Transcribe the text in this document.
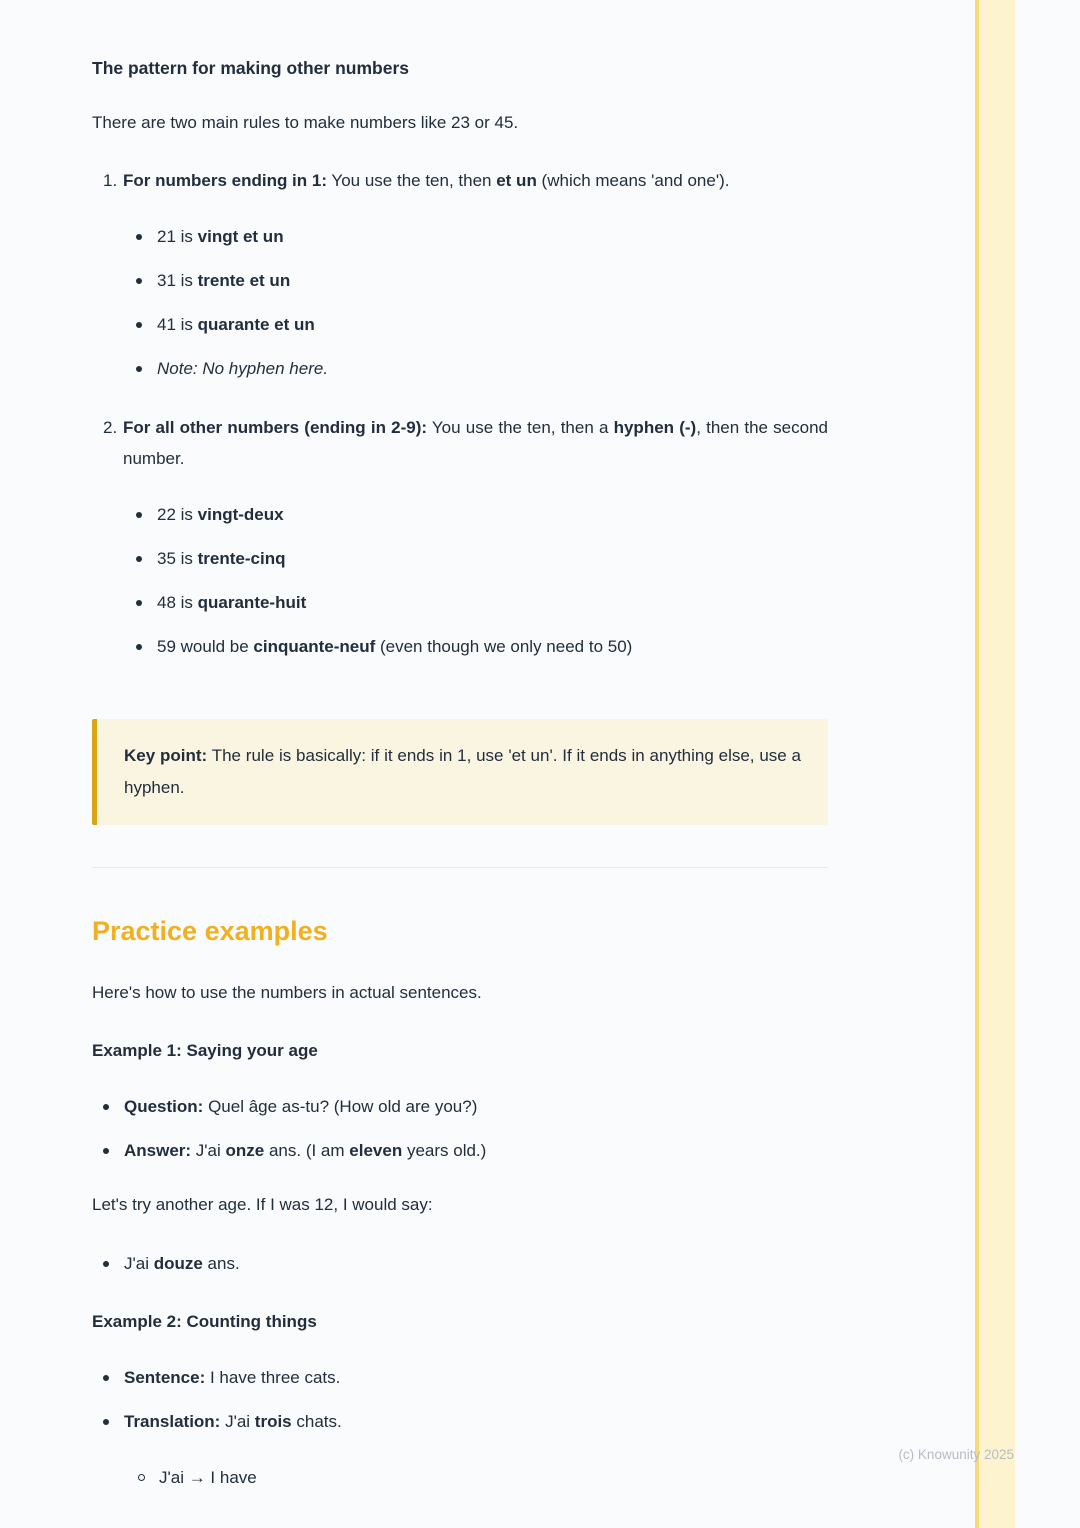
The pattern for making other numbers

There are two main rules to make numbers like 23 or 45.

1. For numbers ending in 1: You use the ten, then et un (which means 'and one').

21 is vingt et un

31 is trente et un

41 is quarante et un

Note: No hyphen here.

2. For all other numbers (ending in 2-9): You use the ten, then a hyphen (-), then the second number.

22 is vingt-deux

35 is trente-cinq

48 is quarante-huit

59 would be cinquante-neuf (even though we only need to 50)

Key point: The rule is basically: if it ends in 1, use 'et un'. If it ends in anything else, use a hyphen.

Practice examples

Here's how to use the numbers in actual sentences.

Example 1: Saying your age

Question: Quel âge as-tu? (How old are you?)

Answer: J'ai onze ans. (I am eleven years old.)

Let's try another age. If I was 12, I would say:

J'ai douze ans.

Example 2: Counting things

Sentence: I have three cats.

Translation: J'ai trois chats.

J'ai → I have

(c) Knowunity 2025
